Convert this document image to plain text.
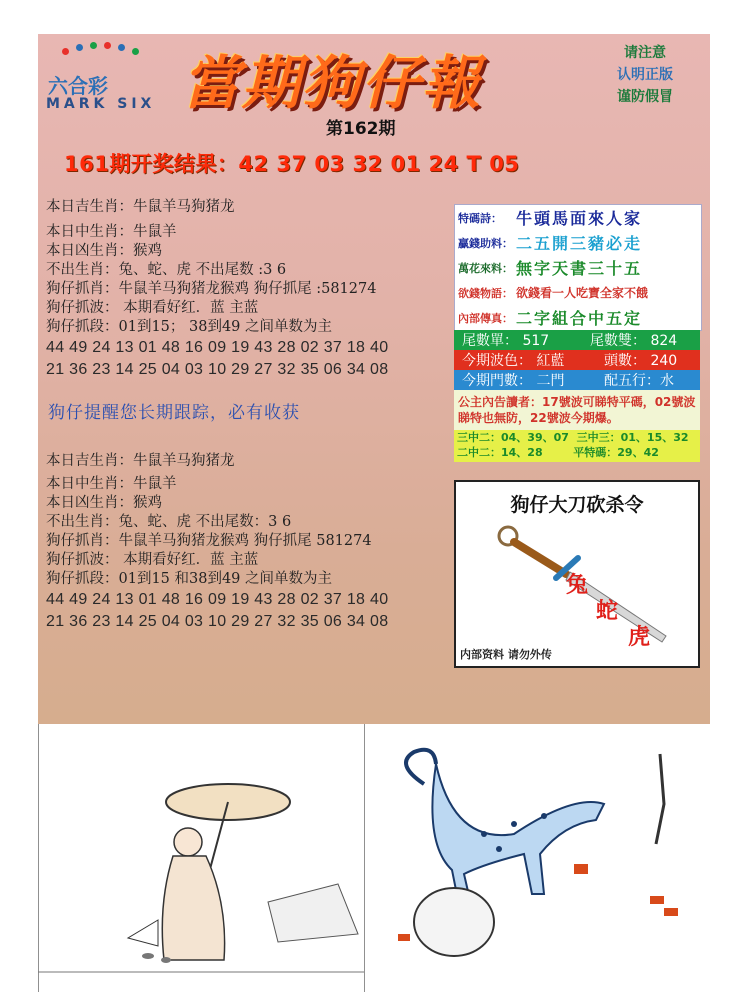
六合彩
MARK SIX 當期狗仔報	请注意
认明正版
谨防假冒
第162期
161期开奖结果：42 37 03 32 01 24 T 05
本日吉生肖：牛鼠羊马狗猪龙
本日中生肖：牛鼠羊
本日凶生肖：猴鸡
不出生肖：兔、蛇、虎 不出尾数 :3 6
狗仔抓肖：牛鼠羊马狗猪龙猴鸡 狗仔抓尾 :581274
狗仔抓波： 本期看好红．蓝 主蓝
狗仔抓段：01到15； 38到49 之间单数为主
44 49 24 13 01 48 16 09 19 43 28 02 37 18 40
21 36 23 14 25 04 03 10 29 27 32 35 06 34 08
狗仔提醒您长期跟踪，必有收获
本日吉生肖：牛鼠羊马狗猪龙
本日中生肖：牛鼠羊
本日凶生肖：猴鸡
不出生肖：兔、蛇、虎 不出尾数：3 6
狗仔抓肖：牛鼠羊马狗猪龙猴鸡 狗仔抓尾 581274
狗仔抓波： 本期看好红．蓝 主蓝
狗仔抓段：01到15 和38到49 之间单数为主
44 49 24 13 01 48 16 09 19 43 28 02 37 18 40
21 36 23 14 25 04 03 10 29 27 32 35 06 34 08
特碼詩： 牛頭馬面來人家
贏錢助料： 二五開三豬必走
萬花來料： 無字天書三十五
欲錢物語： 欲錢看一人吃寶全家不餓
內部傳真： 二字組合中五定
尾數單： 517	尾數雙： 824
今期波色： 紅藍	頭數： 240
今期門數： 二門	配五行：水
公主內告讀者：17號波可睇特平碼，02號波睇特也無防，22號波今期爆。
三中二：04、39、07 三中三：01、15、32
二中二：14、28	平特碼：29、42
狗仔大刀砍杀令
兔
蛇
虎
内部资料 请勿外传
